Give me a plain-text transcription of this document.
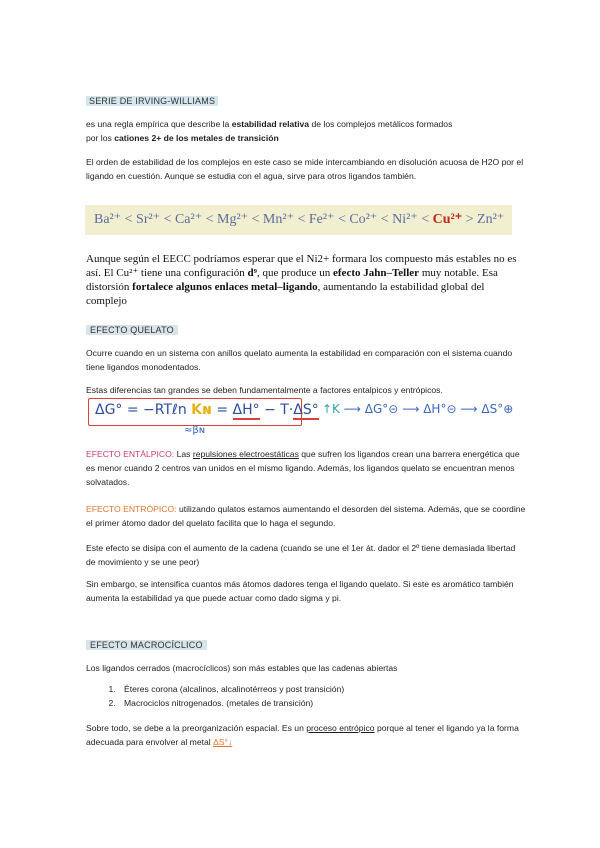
SERIE DE IRVING-WILLIAMS
es una regla empírica que describe la estabilidad relativa de los complejos metálicos formados
por los cationes 2+ de los metales de transición
El orden de estabilidad de los complejos en este caso se mide intercambiando en disolución acuosa de H2O por el ligando en cuestión. Aunque se estudia con el agua, sirve para otros ligandos también.
Ba²⁺ < Sr²⁺ < Ca²⁺ < Mg²⁺ < Mn²⁺ < Fe²⁺ < Co²⁺ < Ni²⁺ < Cu²⁺ > Zn²⁺
Aunque según el EECC podríamos esperar que el Ni2+ formara los compuesto más estables no es así. El Cu²⁺ tiene una configuración d⁹, que produce un efecto Jahn–Teller muy notable. Esa distorsión fortalece algunos enlaces metal–ligando, aumentando la estabilidad global del complejo
EFECTO QUELATO
Ocurre cuando en un sistema con anillos quelato aumenta la estabilidad en comparación con el sistema cuando tiene ligandos monodentados.
Estas diferencias tan grandes se deben fundamentalmente a factores entalpicos y entrópicos.
ΔG° = −RTℓn Kɴ = ΔH° − T·ΔS°
≈βɴ
↑K ⟶ ΔG°⊝ ⟶ ΔH°⊝ ⟶ ΔS°⊕
EFECTO ENTÁLPICO: Las repulsiones electroestáticas que sufren los ligandos crean una barrera energética que es menor cuando 2 centros van unidos en el mismo ligando. Además, los ligandos quelato se encuentran menos solvatados.
EFECTO ENTRÓPICO: utilizando qulatos estamos aumentando el desorden del sistema. Además, que se coordine el primer átomo dador del quelato facilita que lo haga el segundo.
Este efecto se disipa con el aumento de la cadena (cuando se une el 1er át. dador el 2º tiene demasiada libertad de movimiento y se une peor)
Sin embargo, se intensifica cuantos más átomos dadores tenga el ligando quelato. Si este es aromático también aumenta la estabilidad ya que puede actuar como dado sigma y pi.
EFECTO MACROCÍCLICO
Los ligandos cerrados (macrocíclicos) son más estables que las cadenas abiertas
1. Éteres corona (alcalinos, alcalinotérreos y post transición)
2. Macrociclos nitrogenados. (metales de transición)
Sobre todo, se debe a la preorganización espacial. Es un proceso entrópico porque al tener el ligando ya la forma adecuada para envolver al metal ΔS°↓
